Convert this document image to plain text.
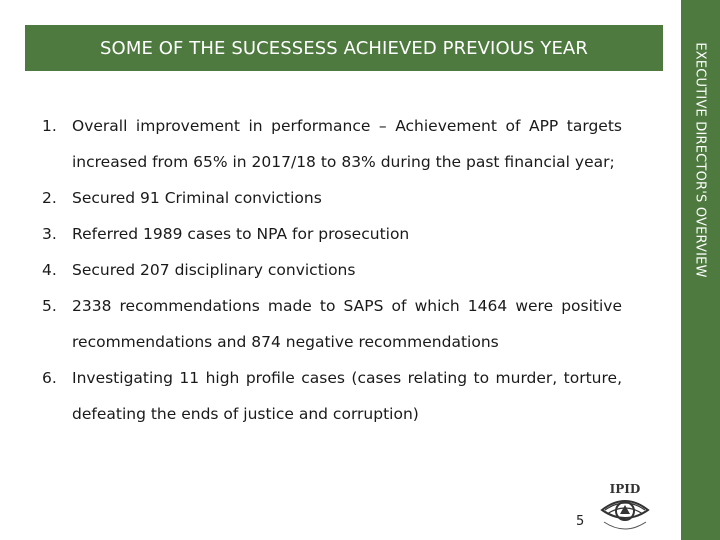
SOME OF THE SUCESSESS ACHIEVED PREVIOUS YEAR	EXECUTIVE DIRECTOR'S OVERVIEW
1. Overall improvement in performance – Achievement of APP targets increased from 65% in 2017/18 to 83% during the past financial year;
2. Secured 91 Criminal convictions
3. Referred 1989 cases to NPA for prosecution
4. Secured 207 disciplinary convictions
5. 2338 recommendations made to SAPS of which 1464 were positive recommendations and 874 negative recommendations
6. Investigating 11 high profile cases (cases relating to murder, torture, defeating the ends of justice and corruption)
5
IPID
